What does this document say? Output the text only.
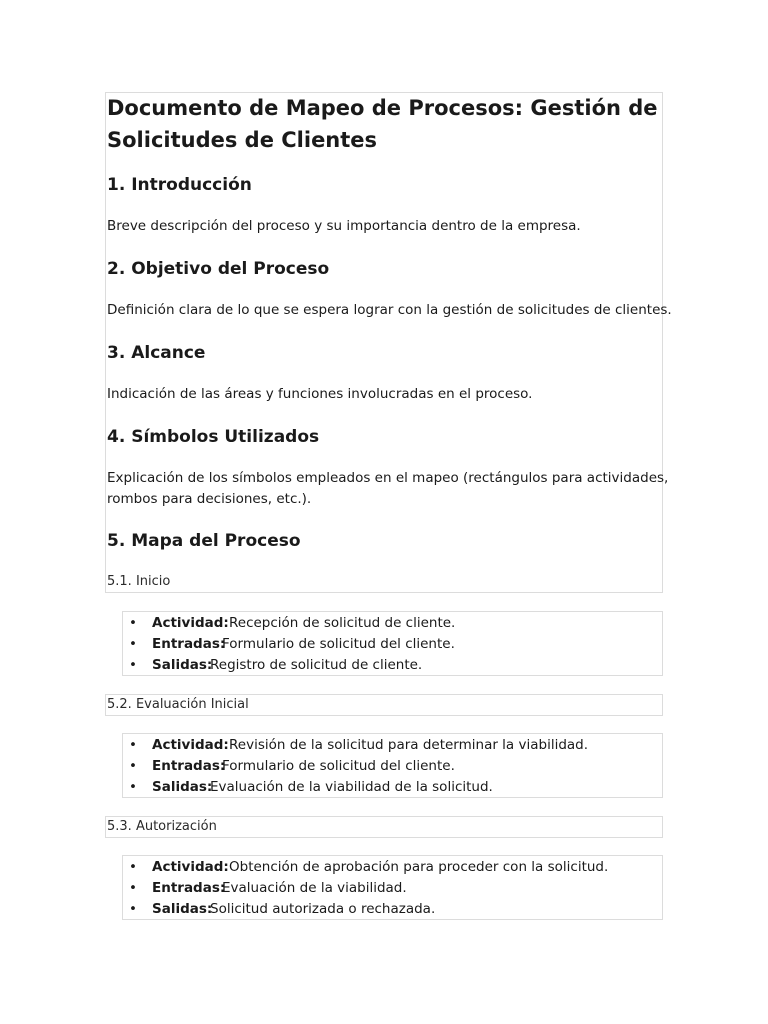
Documento de Mapeo de Procesos: Gestión de
Solicitudes de Clientes
1. Introducción
Breve descripción del proceso y su importancia dentro de la empresa.
2. Objetivo del Proceso
Definición clara de lo que se espera lograr con la gestión de solicitudes de clientes.
3. Alcance
Indicación de las áreas y funciones involucradas en el proceso.
4. Símbolos Utilizados
Explicación de los símbolos empleados en el mapeo (rectángulos para actividades,
rombos para decisiones, etc.).
5. Mapa del Proceso
5.1. Inicio
• Actividad: Recepción de solicitud de cliente.
• Entradas:
Formulario de solicitud del cliente.
• Salidas:
Registro de solicitud de cliente.
5.2. Evaluación Inicial
• Actividad: Revisión de la solicitud para determinar la viabilidad.
• Entradas:
Formulario de solicitud del cliente.
• Salidas:
Evaluación de la viabilidad de la solicitud.
5.3. Autorización
• Actividad: Obtención de aprobación para proceder con la solicitud.
• Entradas:
Evaluación de la viabilidad.
• Salidas:
Solicitud autorizada o rechazada.
